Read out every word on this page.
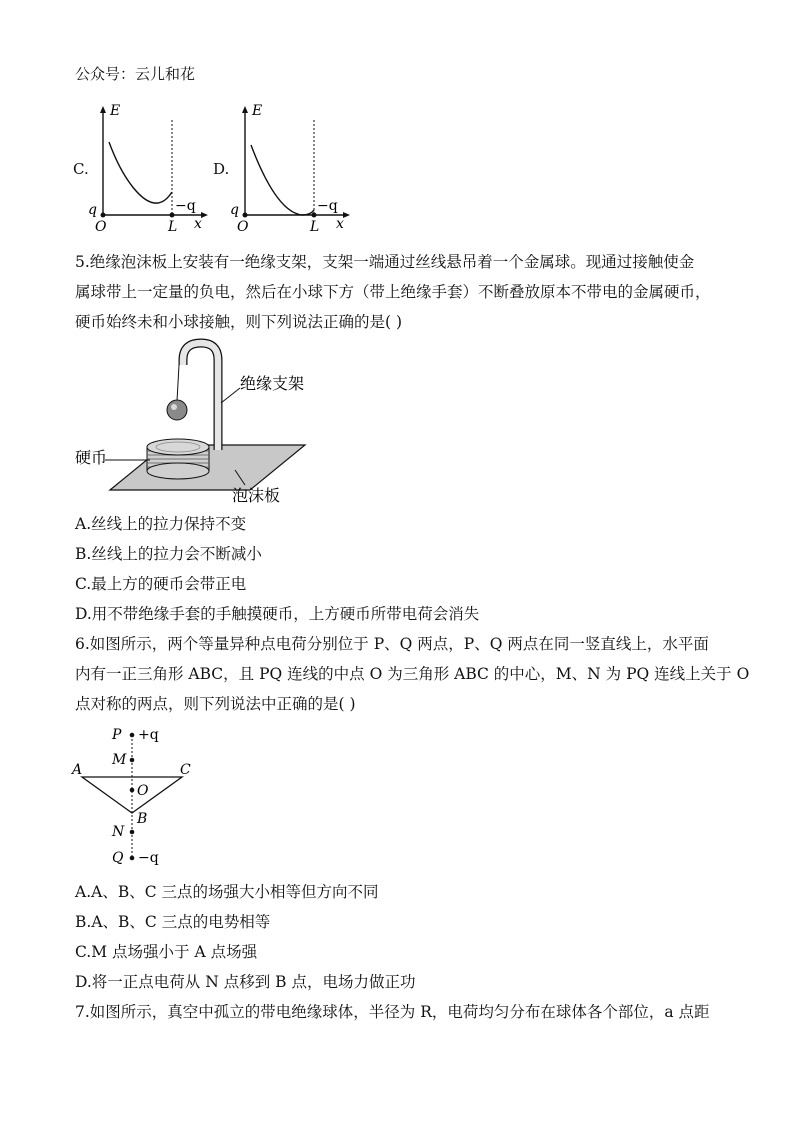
公众号：云儿和花
C.
E
q
O	L
−q
x
D.
E
q
O	L
−q
x
5.绝缘泡沫板上安装有一绝缘支架，支架一端通过丝线悬吊着一个金属球。现通过接触使金
属球带上一定量的负电，然后在小球下方（带上绝缘手套）不断叠放原本不带电的金属硬币，
硬币始终未和小球接触，则下列说法正确的是( )
绝缘支架
硬币
泡沫板
A.丝线上的拉力保持不变
B.丝线上的拉力会不断减小
C.最上方的硬币会带正电
D.用不带绝缘手套的手触摸硬币，上方硬币所带电荷会消失
6.如图所示，两个等量异种点电荷分别位于 P、Q 两点，P、Q 两点在同一竖直线上，水平面
内有一正三角形 ABC，且 PQ 连线的中点 O 为三角形 ABC 的中心，M、N 为 PQ 连线上关于 O
点对称的两点，则下列说法中正确的是( )
P +q
M
A	C
O
B
N
Q −q
A.A、B、C 三点的场强大小相等但方向不同
B.A、B、C 三点的电势相等
C.M 点场强小于 A 点场强
D.将一正点电荷从 N 点移到 B 点，电场力做正功
7.如图所示，真空中孤立的带电绝缘球体，半径为 R，电荷均匀分布在球体各个部位，a 点距
